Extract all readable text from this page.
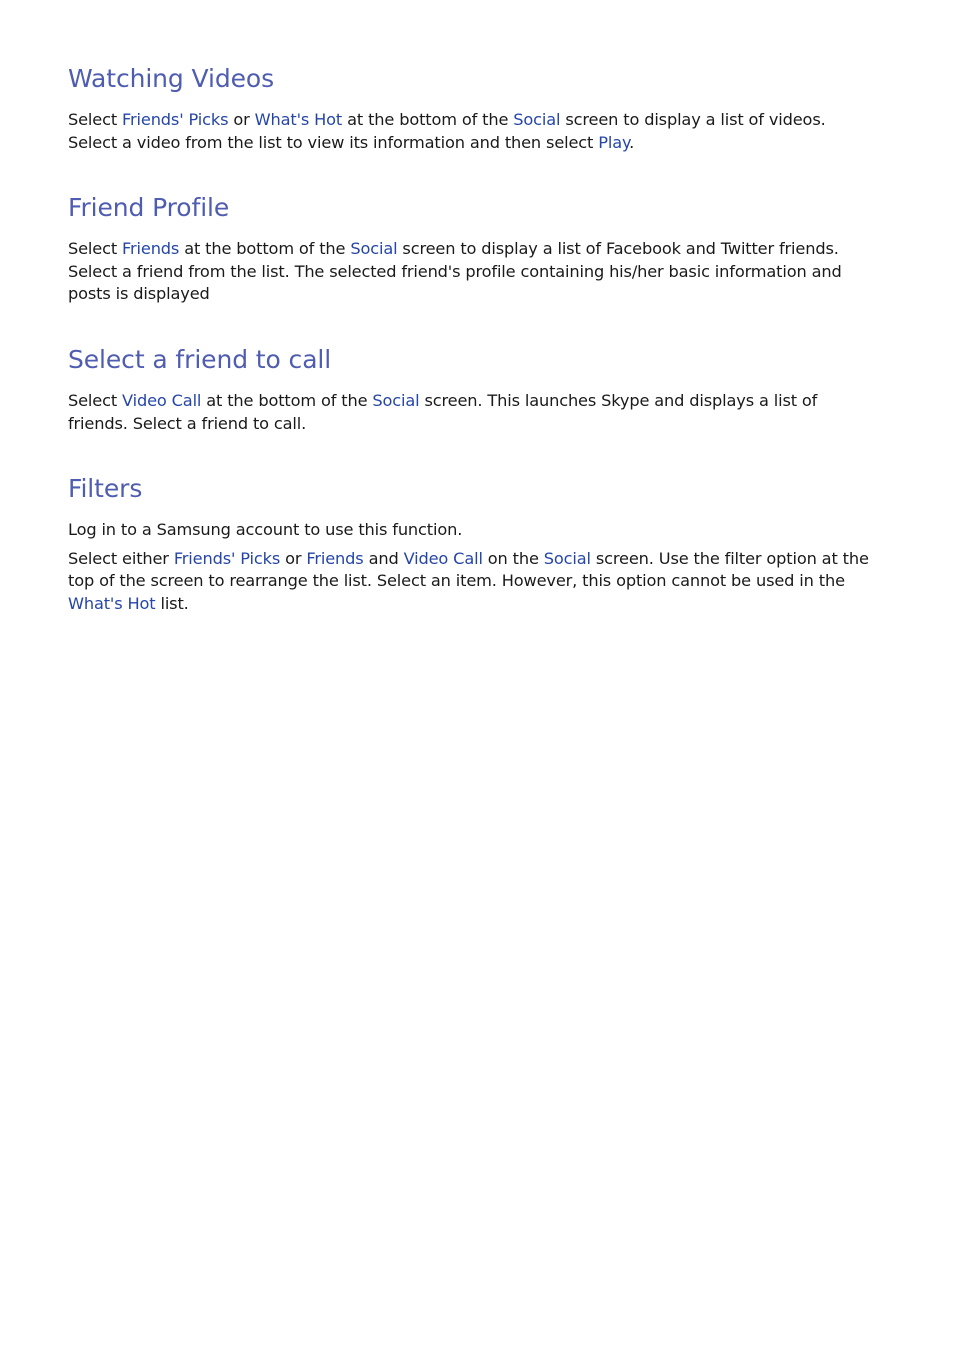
Watching Videos

Select Friends' Picks or What's Hot at the bottom of the Social screen to display a list of videos. Select a video from the list to view its information and then select Play.

Friend Profile

Select Friends at the bottom of the Social screen to display a list of Facebook and Twitter friends. Select a friend from the list. The selected friend's profile containing his/her basic information and posts is displayed

Select a friend to call

Select Video Call at the bottom of the Social screen. This launches Skype and displays a list of friends. Select a friend to call.

Filters

Log in to a Samsung account to use this function.

Select either Friends' Picks or Friends and Video Call on the Social screen. Use the filter option at the top of the screen to rearrange the list. Select an item. However, this option cannot be used in the What's Hot list.
